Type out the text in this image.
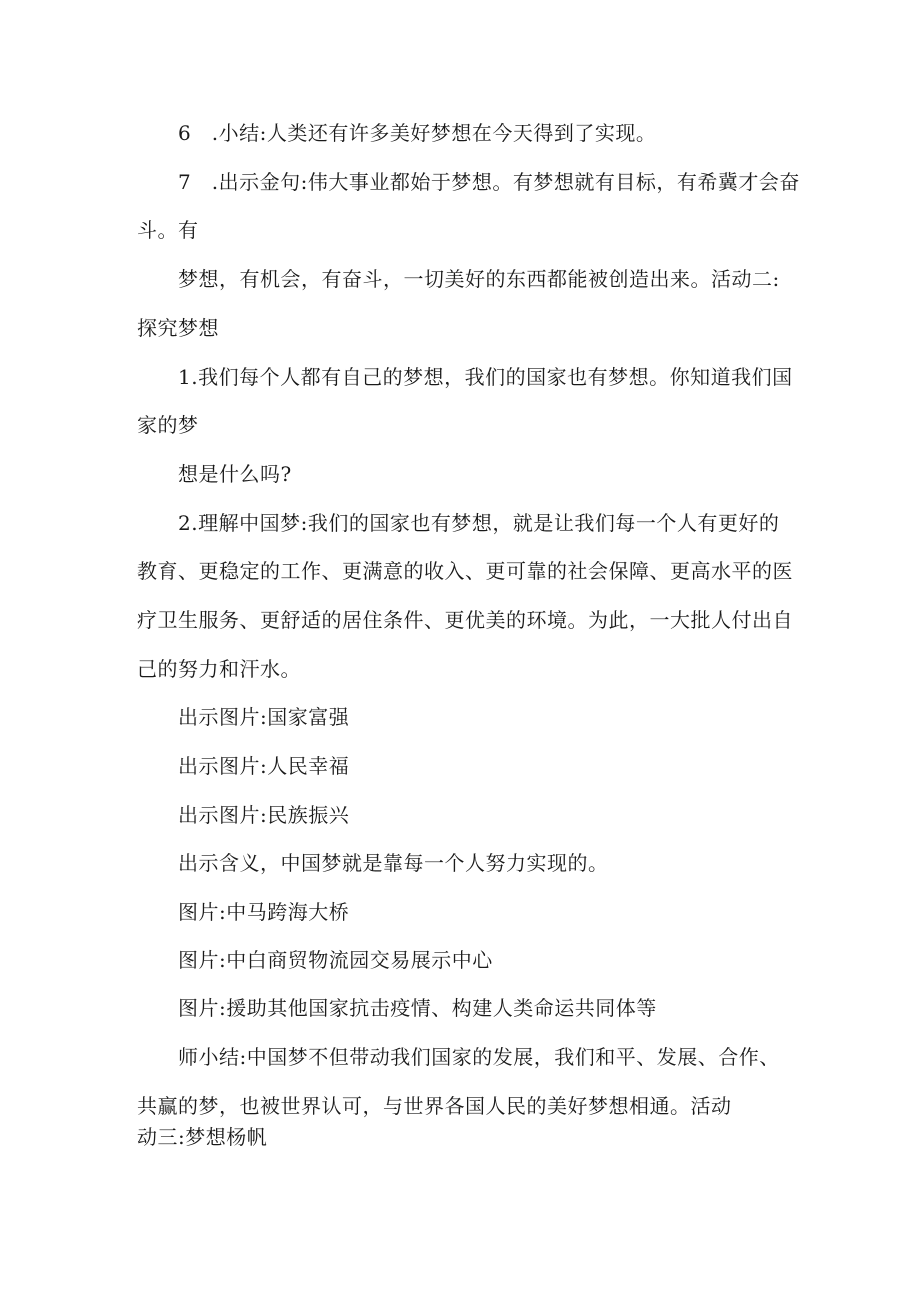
6　.小结:人类还有许多美好梦想在今天得到了实现。
7　.出示金句:伟大事业都始于梦想。有梦想就有目标，有希冀才会奋
斗。有
梦想，有机会，有奋斗，一切美好的东西都能被创造出来。活动二:
探究梦想
1.我们每个人都有自己的梦想，我们的国家也有梦想。你知道我们国
家的梦
想是什么吗?
2.理解中国梦:我们的国家也有梦想，就是让我们每一个人有更好的
教育、更稳定的工作、更满意的收入、更可靠的社会保障、更高水平的医
疗卫生服务、更舒适的居住条件、更优美的环境。为此，一大批人付出自
己的努力和汗水。
出示图片:国家富强
出示图片:人民幸福
出示图片:民族振兴
出示含义，中国梦就是靠每一个人努力实现的。
图片:中马跨海大桥
图片:中白商贸物流园交易展示中心
图片:援助其他国家抗击疫情、构建人类命运共同体等
师小结:中国梦不但带动我们国家的发展，我们和平、发展、合作、
共赢的梦，也被世界认可，与世界各国人民的美好梦想相通。活动
动三:梦想杨帆
